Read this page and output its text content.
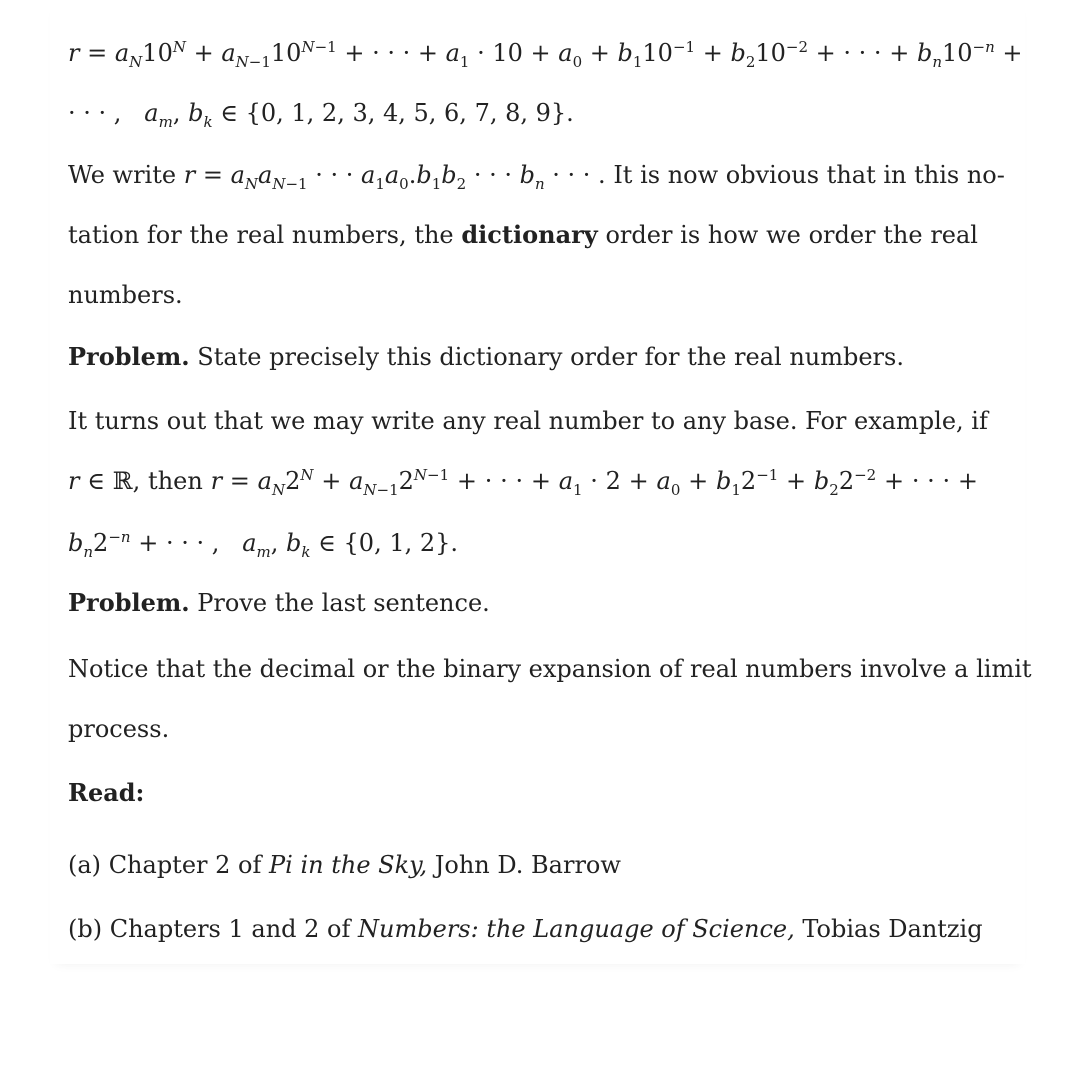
$r = a_N10^N + a_{N-1}10^{N-1}$ + · · · + $a_1 \cdot 10 + a_0 + b_110^{-1} + b_210^{-2}$ + · · · + $b_n10^{-n}$
· · · ,   $a_m$, $b_k$ ∈ {0, 1, 2, 3, 4, 5, 6, 7, 8, 9}.
We write $r = a_Na_{N-1}$ · · · $a_1a_0.b_1b_2$ · · · $b_n$ · · · . It is now obvious that in this no-
tation for the real numbers, the dictionary order is how we order the real
numbers.
Problem. State precisely this dictionary order for the real numbers.
It turns out that we may write any real number to any base. For example, if
r ∈ ℝ, then $r = a_N2^N + a_{N-1}2^{N-1}$ + · · · + $a_1 \cdot 2 + a_0 + b_12^{-1} + b_22^{-2}$ + · · · +
$b_n2^{-n}$ + · · · ,   $a_m$, $b_k$ ∈ {0, 1, 2}.
Problem. Prove the last sentence.
Notice that the decimal or the binary expansion of real numbers involve a limit
process.
Read:
(a) Chapter 2 of Pi in the Sky, John D. Barrow
(b) Chapters 1 and 2 of Numbers: the Language of Science, Tobias Dantzig
